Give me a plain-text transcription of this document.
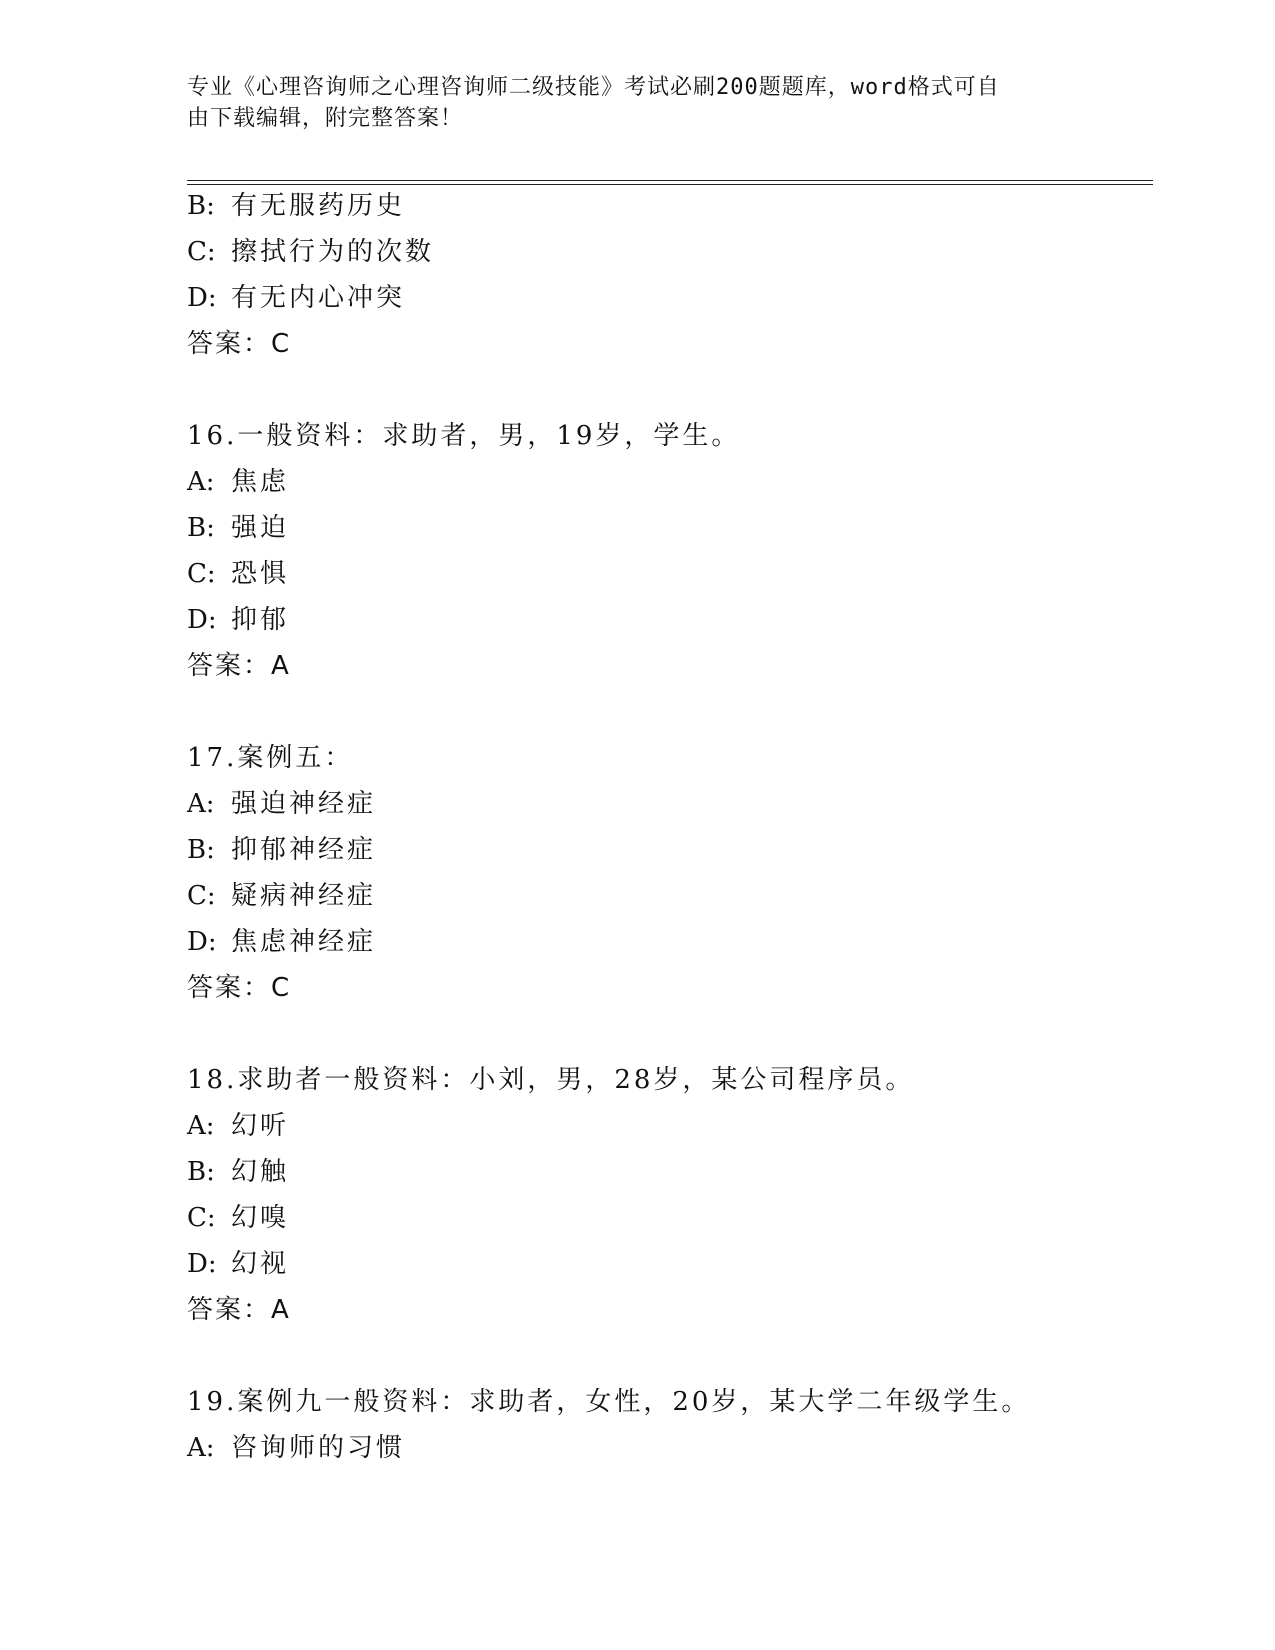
专业《心理咨询师之心理咨询师二级技能》考试必刷200题题库，word格式可自
由下载编辑，附完整答案！
B: 有无服药历史
C: 擦拭行为的次数
D: 有无内心冲突
答案：C
16.一般资料：求助者，男，19岁，学生。
A: 焦虑
B: 强迫
C: 恐惧
D: 抑郁
答案：A
17.案例五：
A: 强迫神经症
B: 抑郁神经症
C: 疑病神经症
D: 焦虑神经症
答案：C
18.求助者一般资料：小刘，男，28岁，某公司程序员。
A: 幻听
B: 幻触
C: 幻嗅
D: 幻视
答案：A
19.案例九一般资料：求助者，女性，20岁，某大学二年级学生。
A: 咨询师的习惯
